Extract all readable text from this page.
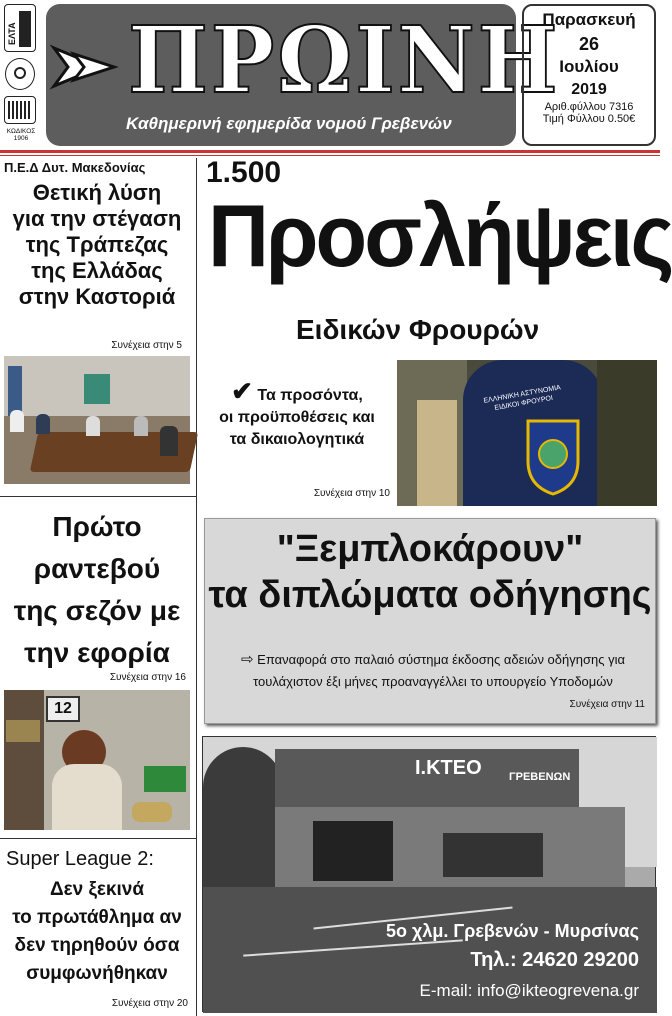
ΕΛΤΑ
ΚΩΔΙΚΟΣ
1906
ΠΡΩΙΝΗ
Καθημερινή εφημερίδα νομού Γρεβενών
Παρασκευή
26
Ιουλίου
2019
Αριθ.φύλλου 7316
Τιμή Φύλλου 0.50€
Π.Ε.Δ Δυτ. Μακεδονίας
Θετική λύση
για την στέγαση
της Τράπεζας
της Ελλάδας
στην Καστοριά
Συνέχεια στην 5
Πρώτο
ραντεβού
της σεζόν με
την εφορία
Συνέχεια στην 16
12
Super League 2:
Δεν ξεκινά
το πρωτάθλημα αν
δεν τηρηθούν όσα
συμφωνήθηκαν
Συνέχεια στην 20
1.500
Προσλήψεις
Ειδικών Φρουρών
✔ Τα προσόντα,
οι προϋποθέσεις και
τα δικαιολογητικά
Συνέχεια στην 10
ΕΛΛΗΝΙΚΗ ΑΣΤΥΝΟΜΙΑ ΕΙΔΙΚΟΙ ΦΡΟΥΡΟΙ
"Ξεμπλοκάρουν"
τα διπλώματα οδήγησης
⇨ Επαναφορά στο παλαιό σύστημα έκδοσης αδειών οδήγησης για
τουλάχιστον έξι μήνες προαναγγέλλει το υπουργείο Υποδομών
Συνέχεια στην 11
Ι.ΚΤΕΟ ΓΡΕΒΕΝΩΝ
5ο χλμ. Γρεβενών - Μυρσίνας
Τηλ.: 24620 29200
E-mail: info@ikteogrevena.gr
